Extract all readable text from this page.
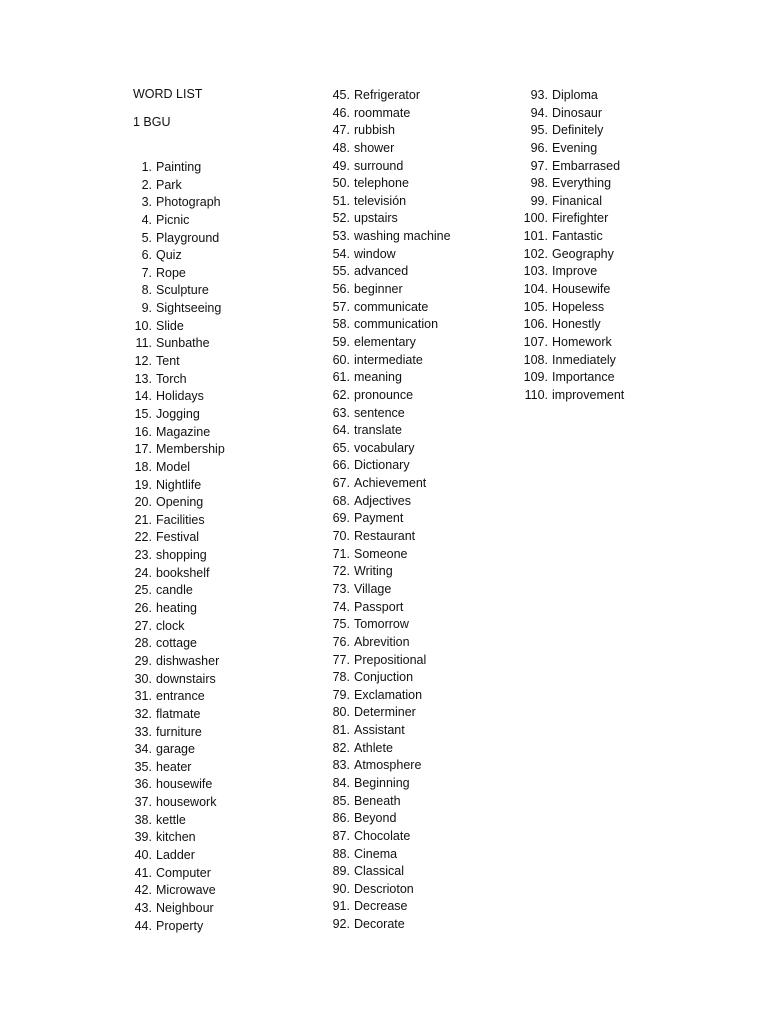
WORD LIST
1 BGU
1. Painting
2. Park
3. Photograph
4. Picnic
5. Playground
6. Quiz
7. Rope
8. Sculpture
9. Sightseeing
10. Slide
11. Sunbathe
12. Tent
13. Torch
14. Holidays
15. Jogging
16. Magazine
17. Membership
18. Model
19. Nightlife
20. Opening
21. Facilities
22. Festival
23.shopping
24. bookshelf
25. candle
26. heating
27. clock
28. cottage
29. dishwasher
30. downstairs
31. entrance
32. flatmate
33. furniture
34. garage
35. heater
36. housewife
37. housework
38. kettle
39. kitchen
40. Ladder
41. Computer
42. Microwave
43. Neighbour
44. Property
45. Refrigerator
46. roommate
47. rubbish
48. shower
49. surround
50. telephone
51. televisión
52. upstairs
53. washing machine
54. window
55. advanced
56. beginner
57.communicate
58. communication
59. elementary
60. intermediate
61. meaning
62. pronounce
63. sentence
64. translate
65. vocabulary
66. Dictionary
67. Achievement
68. Adjectives
69. Payment
70. Restaurant
71. Someone
72. Writing
73. Village
74. Passport
75. Tomorrow
76. Abrevition
77. Prepositional
78. Conjuction
79. Exclamation
80. Determiner
81. Assistant
82. Athlete
83. Atmosphere
84. Beginning
85. Beneath
86. Beyond
87. Chocolate
88. Cinema
89. Classical
90. Descrioton
91. Decrease
92. Decorate
93. Diploma
94. Dinosaur
95. Definitely
96. Evening
97. Embarrased
98. Everything
99. Finanical
100. Firefighter
101. Fantastic
102. Geography
103. Improve
104. Housewife
105. Hopeless
106. Honestly
107. Homework
108. Inmediately
109. Importance
110. improvement
